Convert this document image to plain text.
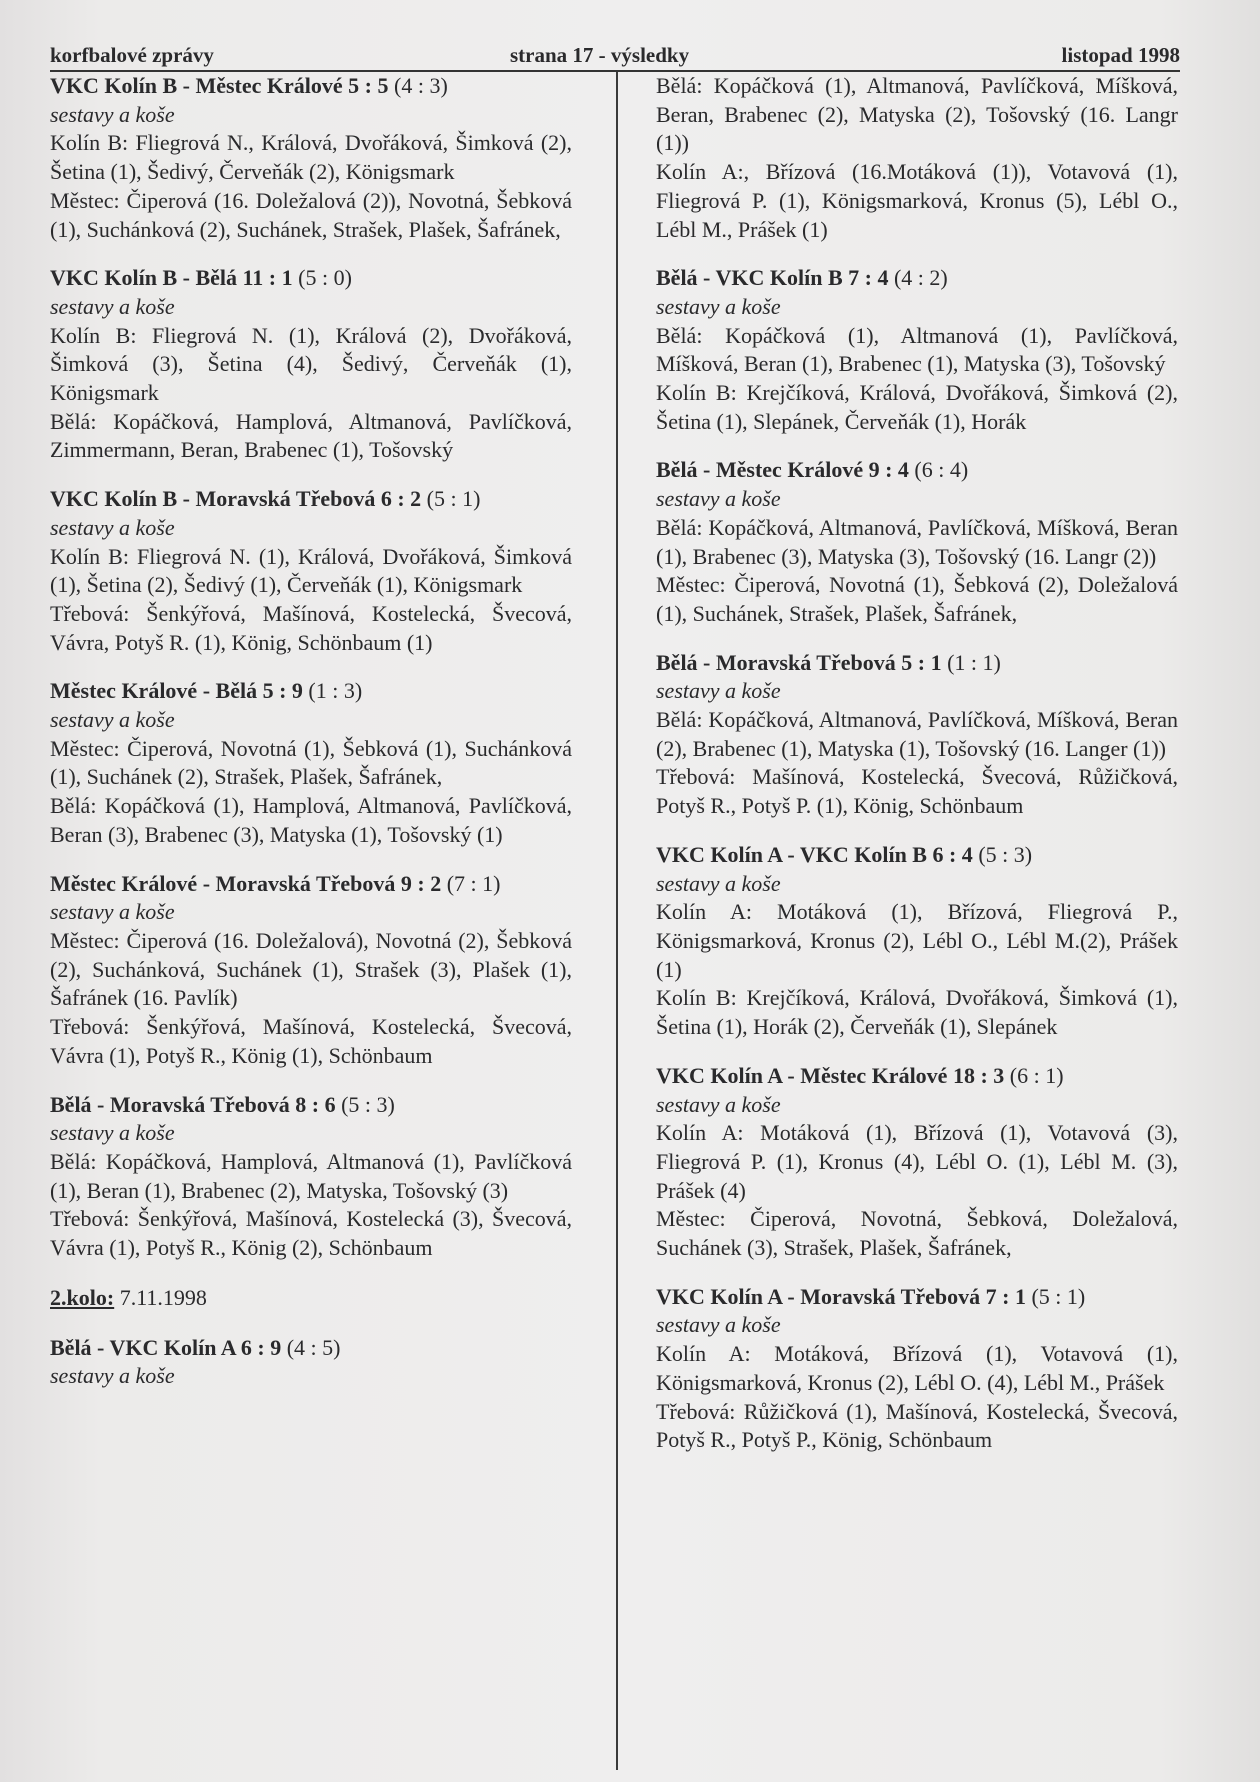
korfbalové zprávy	strana 17 - výsledky	listopad 1998
VKC Kolín B - Městec Králové 5 : 5 (4 : 3)
sestavy a koše
Kolín B: Fliegrová N., Králová, Dvořáková, Šimková (2), Šetina (1), Šedivý, Červeňák (2), Königsmark
Městec: Čiperová (16. Doležalová (2)), Novotná, Šebková (1), Suchánková (2), Suchánek, Strašek, Plašek, Šafránek,
VKC Kolín B - Bělá 11 : 1 (5 : 0)
sestavy a koše
Kolín B: Fliegrová N. (1), Králová (2), Dvořáková, Šimková (3), Šetina (4), Šedivý, Červeňák (1), Königsmark
Bělá: Kopáčková, Hamplová, Altmanová, Pavlíčková, Zimmermann, Beran, Brabenec (1), Tošovský
VKC Kolín B - Moravská Třebová 6 : 2 (5 : 1)
sestavy a koše
Kolín B: Fliegrová N. (1), Králová, Dvořáková, Šimková (1), Šetina (2), Šedivý (1), Červeňák (1), Königsmark
Třebová: Šenkýřová, Mašínová, Kostelecká, Švecová, Vávra, Potyš R. (1), König, Schönbaum (1)
Městec Králové - Bělá 5 : 9 (1 : 3)
sestavy a koše
Městec: Čiperová, Novotná (1), Šebková (1), Suchánková (1), Suchánek (2), Strašek, Plašek, Šafránek,
Bělá: Kopáčková (1), Hamplová, Altmanová, Pavlíčková, Beran (3), Brabenec (3), Matyska (1), Tošovský (1)
Městec Králové - Moravská Třebová 9 : 2 (7 : 1)
sestavy a koše
Městec: Čiperová (16. Doležalová), Novotná (2), Šebková (2), Suchánková, Suchánek (1), Strašek (3), Plašek (1), Šafránek (16. Pavlík)
Třebová: Šenkýřová, Mašínová, Kostelecká, Švecová, Vávra (1), Potyš R., König (1), Schönbaum
Bělá - Moravská Třebová 8 : 6 (5 : 3)
sestavy a koše
Bělá: Kopáčková, Hamplová, Altmanová (1), Pavlíčková (1), Beran (1), Brabenec (2), Matyska, Tošovský (3)
Třebová: Šenkýřová, Mašínová, Kostelecká (3), Švecová, Vávra (1), Potyš R., König (2), Schönbaum
2.kolo: 7.11.1998
Bělá - VKC Kolín A 6 : 9 (4 : 5)
sestavy a koše
Bělá: Kopáčková (1), Altmanová, Pavlíčková, Míšková, Beran, Brabenec (2), Matyska (2), Tošovský (16. Langr (1))
Kolín A:, Břízová (16.Motáková (1)), Votavová (1), Fliegrová P. (1), Königsmarková, Kronus (5), Lébl O., Lébl M., Prášek (1)
Bělá - VKC Kolín B 7 : 4 (4 : 2)
sestavy a koše
Bělá: Kopáčková (1), Altmanová (1), Pavlíčková, Míšková, Beran (1), Brabenec (1), Matyska (3), Tošovský
Kolín B: Krejčíková, Králová, Dvořáková, Šimková (2), Šetina (1), Slepánek, Červeňák (1), Horák
Bělá - Městec Králové 9 : 4 (6 : 4)
sestavy a koše
Bělá: Kopáčková, Altmanová, Pavlíčková, Míšková, Beran (1), Brabenec (3), Matyska (3), Tošovský (16. Langr (2))
Městec: Čiperová, Novotná (1), Šebková (2), Doležalová (1), Suchánek, Strašek, Plašek, Šafránek,
Bělá - Moravská Třebová 5 : 1 (1 : 1)
sestavy a koše
Bělá: Kopáčková, Altmanová, Pavlíčková, Míšková, Beran (2), Brabenec (1), Matyska (1), Tošovský (16. Langer (1))
Třebová: Mašínová, Kostelecká, Švecová, Růžičková, Potyš R., Potyš P. (1), König, Schönbaum
VKC Kolín A - VKC Kolín B 6 : 4 (5 : 3)
sestavy a koše
Kolín A: Motáková (1), Břízová, Fliegrová P., Königsmarková, Kronus (2), Lébl O., Lébl M.(2), Prášek (1)
Kolín B: Krejčíková, Králová, Dvořáková, Šimková (1), Šetina (1), Horák (2), Červeňák (1), Slepánek
VKC Kolín A - Městec Králové 18 : 3 (6 : 1)
sestavy a koše
Kolín A: Motáková (1), Břízová (1), Votavová (3), Fliegrová P. (1), Kronus (4), Lébl O. (1), Lébl M. (3), Prášek (4)
Městec: Čiperová, Novotná, Šebková, Doležalová, Suchánek (3), Strašek, Plašek, Šafránek,
VKC Kolín A - Moravská Třebová 7 : 1 (5 : 1)
sestavy a koše
Kolín A: Motáková, Břízová (1), Votavová (1), Königsmarková, Kronus (2), Lébl O. (4), Lébl M., Prášek
Třebová: Růžičková (1), Mašínová, Kostelecká, Švecová, Potyš R., Potyš P., König, Schönbaum
